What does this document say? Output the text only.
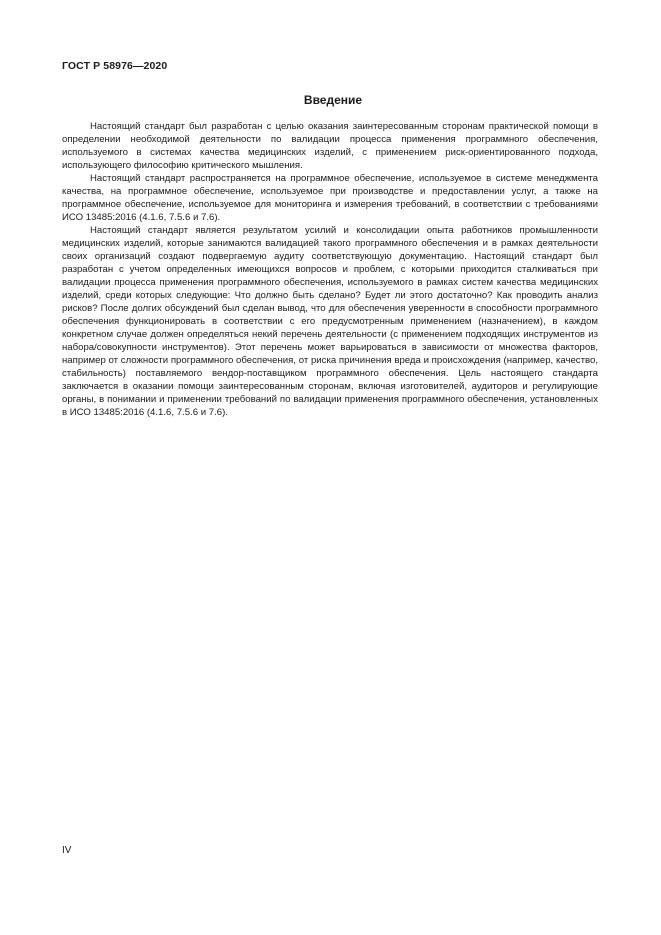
ГОСТ Р 58976—2020
Введение

Настоящий стандарт был разработан с целью оказания заинтересованным сторонам практической помощи в определении необходимой деятельности по валидации процесса применения программного обеспечения, используемого в системах качества медицинских изделий, с применением риск-ориентированного подхода, использующего философию критического мышления.

Настоящий стандарт распространяется на программное обеспечение, используемое в системе менеджмента качества, на программное обеспечение, используемое при производстве и предоставлении услуг, а также на программное обеспечение, используемое для мониторинга и измерения требований, в соответствии с требованиями ИСО 13485:2016 (4.1.6, 7.5.6 и 7.6).

Настоящий стандарт является результатом усилий и консолидации опыта работников промышленности медицинских изделий, которые занимаются валидацией такого программного обеспечения и в рамках деятельности своих организаций создают подвергаемую аудиту соответствующую документацию. Настоящий стандарт был разработан с учетом определенных имеющихся вопросов и проблем, с которыми приходится сталкиваться при валидации процесса применения программного обеспечения, используемого в рамках систем качества медицинских изделий, среди которых следующие: Что должно быть сделано? Будет ли этого достаточно? Как проводить анализ рисков? После долгих обсуждений был сделан вывод, что для обеспечения уверенности в способности программного обеспечения функционировать в соответствии с его предусмотренным применением (назначением), в каждом конкретном случае должен определяться некий перечень деятельности (с применением подходящих инструментов из набора/совокупности инструментов). Этот перечень может варьироваться в зависимости от множества факторов, например от сложности программного обеспечения, от риска причинения вреда и происхождения (например, качество, стабильность) поставляемого вендор-поставщиком программного обеспечения. Цель настоящего стандарта заключается в оказании помощи заинтересованным сторонам, включая изготовителей, аудиторов и регулирующие органы, в понимании и применении требований по валидации применения программного обеспечения, установленных в ИСО 13485:2016 (4.1.6, 7.5.6 и 7.6).

IV
